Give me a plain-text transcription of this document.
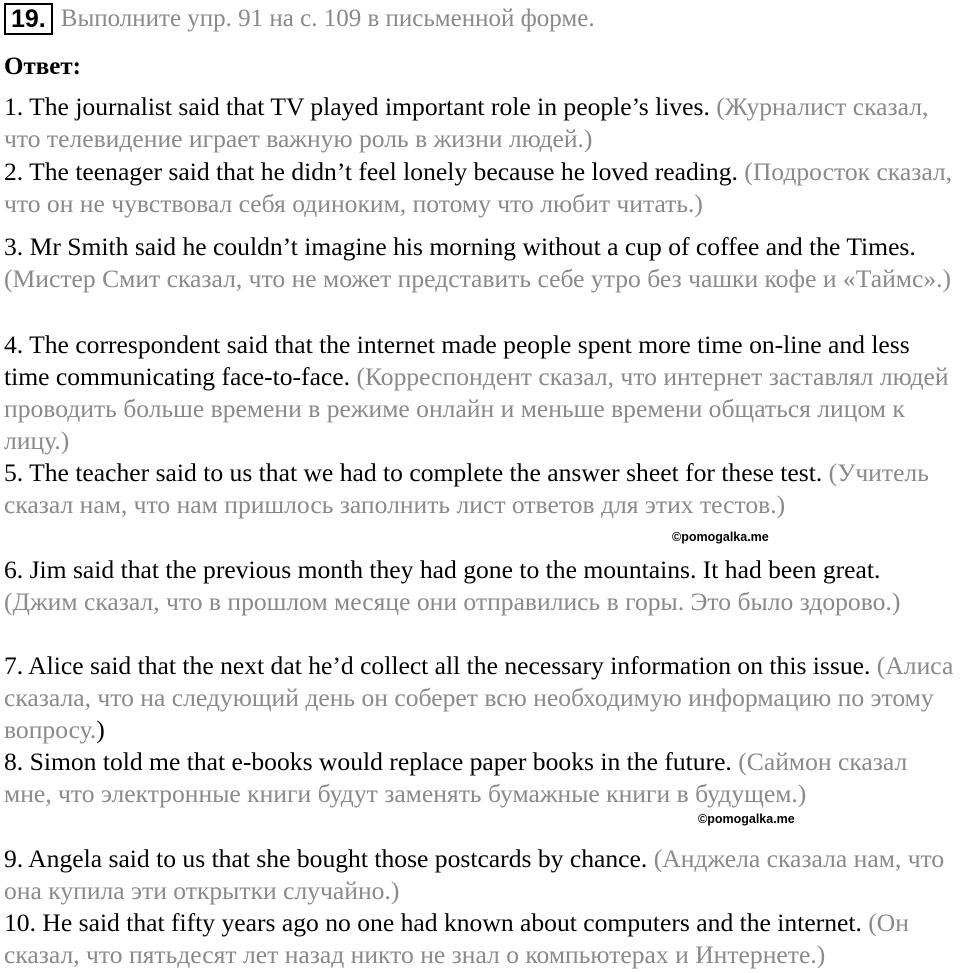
19. Выполните упр. 91 на с. 109 в письменной форме.
Ответ:
1. The journalist said that TV played important role in people’s lives. (Журналист сказал, что телевидение играет важную роль в жизни людей.)
2. The teenager said that he didn’t feel lonely because he loved reading. (Подросток сказал, что он не чувствовал себя одиноким, потому что любит читать.)
3. Mr Smith said he couldn’t imagine his morning without a cup of coffee and the Times. (Мистер Смит сказал, что не может представить себе утро без чашки кофе и «Таймс».)
4. The correspondent said that the internet made people spent more time on-line and less time communicating face-to-face. (Корреспондент сказал, что интернет заставлял людей проводить больше времени в режиме онлайн и меньше времени общаться лицом к лицу.)
5. The teacher said to us that we had to complete the answer sheet for these test. (Учитель сказал нам, что нам пришлось заполнить лист ответов для этих тестов.)
6. Jim said that the previous month they had gone to the mountains. It had been great. (Джим сказал, что в прошлом месяце они отправились в горы. Это было здорово.)
7. Alice said that the next dat he’d collect all the necessary information on this issue. (Алиса сказала, что на следующий день он соберет всю необходимую информацию по этому вопросу.)
8. Simon told me that e-books would replace paper books in the future. (Саймон сказал мне, что электронные книги будут заменять бумажные книги в будущем.)
9. Angela said to us that she bought those postcards by chance. (Анджела сказала нам, что она купила эти открытки случайно.)
10. He said that fifty years ago no one had known about computers and the internet. (Он сказал, что пятьдесят лет назад никто не знал о компьютерах и Интернете.)
©pomogalka.me
©pomogalka.me
